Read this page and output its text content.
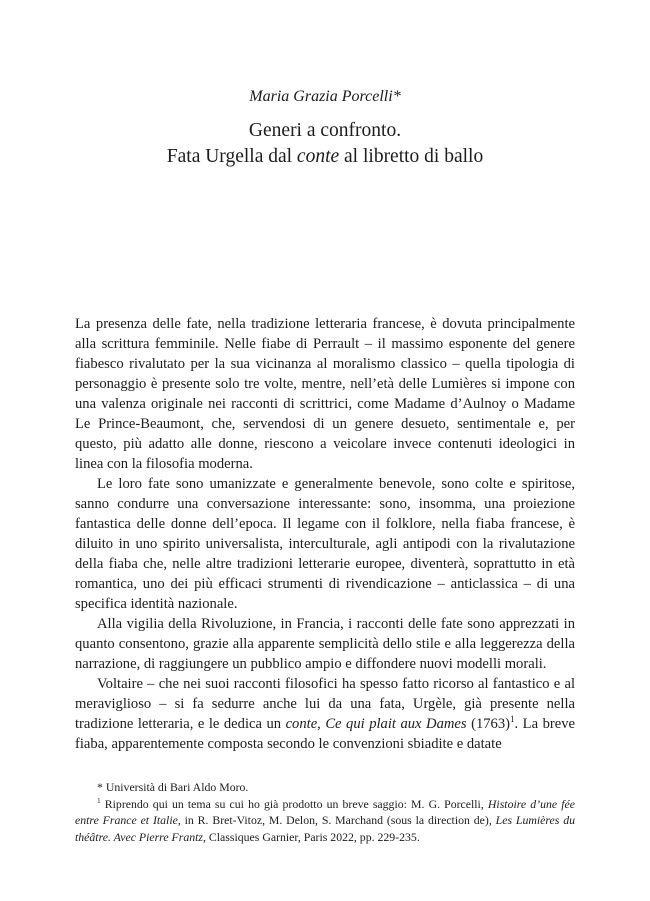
Maria Grazia Porcelli*
Generi a confronto.
Fata Urgella dal conte al libretto di ballo

La presenza delle fate, nella tradizione letteraria francese, è dovuta principalmente alla scrittura femminile. Nelle fiabe di Perrault – il massimo esponente del genere fiabesco rivalutato per la sua vicinanza al moralismo classico – quella tipologia di personaggio è presente solo tre volte, mentre, nell’età delle Lumières si impone con una valenza originale nei racconti di scrittrici, come Madame d’Aulnoy o Madame Le Prince-Beaumont, che, servendosi di un genere desueto, sentimentale e, per questo, più adatto alle donne, riescono a veicolare invece contenuti ideologici in linea con la filosofia moderna.

Le loro fate sono umanizzate e generalmente benevole, sono colte e spiritose, sanno condurre una conversazione interessante: sono, insomma, una proiezione fantastica delle donne dell’epoca. Il legame con il folklore, nella fiaba francese, è diluito in uno spirito universalista, interculturale, agli antipodi con la rivalutazione della fiaba che, nelle altre tradizioni letterarie europee, diventerà, soprattutto in età romantica, uno dei più efficaci strumenti di rivendicazione – anticlassica – di una specifica identità nazionale.

Alla vigilia della Rivoluzione, in Francia, i racconti delle fate sono apprezzati in quanto consentono, grazie alla apparente semplicità dello stile e alla leggerezza della narrazione, di raggiungere un pubblico ampio e diffondere nuovi modelli morali.

Voltaire – che nei suoi racconti filosofici ha spesso fatto ricorso al fantastico e al meraviglioso – si fa sedurre anche lui da una fata, Urgèle, già presente nella tradizione letteraria, e le dedica un conte, Ce qui plait aux Dames $(1763)^1$. La breve fiaba, apparentemente composta secondo le convenzioni sbiadite e datate

* Università di Bari Aldo Moro.

$^1$ Riprendo qui un tema su cui ho già prodotto un breve saggio: M. G. Porcelli, Histoire d’une fée entre France et Italie, in R. Bret-Vitoz, M. Delon, S. Marchand (sous la direction de), Les Lumières du théâtre. Avec Pierre Frantz, Classiques Garnier, Paris 2022, pp. 229-235.
